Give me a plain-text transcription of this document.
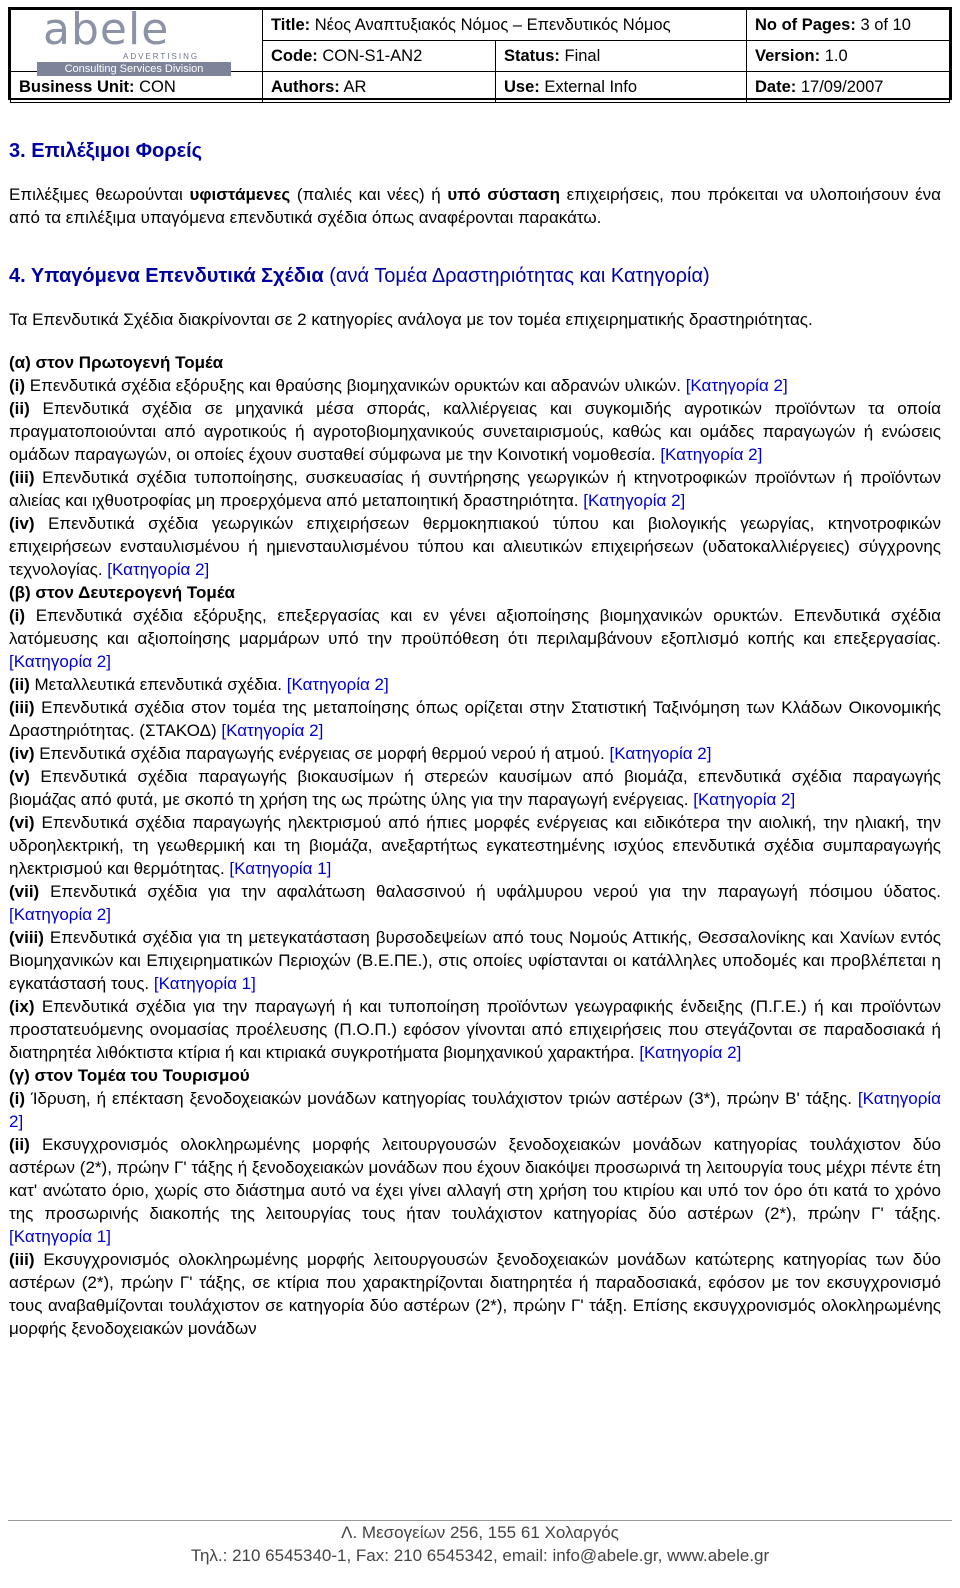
abele
ADVERTISING
Consulting Services Division	Title: Νέος Αναπτυξιακός Νόμος – Επενδυτικός Νόμος		No of Pages: 3 of 10
	Code: CON-S1-AN2	Status: Final	Version: 1.0
Business Unit: CON	Authors: AR	Use: External Info	Date: 17/09/2007
3. Επιλέξιμοι Φορείς

Επιλέξιμες θεωρούνται υφιστάμενες (παλιές και νέες) ή υπό σύσταση επιχειρήσεις, που πρόκειται να υλοποιήσουν ένα από τα επιλέξιμα υπαγόμενα επενδυτικά σχέδια όπως αναφέρονται παρακάτω.

4. Υπαγόμενα Επενδυτικά Σχέδια (ανά Τομέα Δραστηριότητας και Κατηγορία)

Τα Επενδυτικά Σχέδια διακρίνονται σε 2 κατηγορίες ανάλογα με τον τομέα επιχειρηματικής δραστηριότητας.

(α) στον Πρωτογενή Τομέα

(i) Επενδυτικά σχέδια εξόρυξης και θραύσης βιομηχανικών ορυκτών και αδρανών υλικών. [Κατηγορία 2]

(ii) Επενδυτικά σχέδια σε μηχανικά μέσα σποράς, καλλιέργειας και συγκομιδής αγροτικών προϊόντων τα οποία πραγματοποιούνται από αγροτικούς ή αγροτοβιομηχανικούς συνεταιρισμούς, καθώς και ομάδες παραγωγών ή ενώσεις ομάδων παραγωγών, οι οποίες έχουν συσταθεί σύμφωνα με την Κοινοτική νομοθεσία. [Κατηγορία 2]

(iii) Επενδυτικά σχέδια τυποποίησης, συσκευασίας ή συντήρησης γεωργικών ή κτηνοτροφικών προϊόντων ή προϊόντων αλιείας και ιχθυοτροφίας μη προερχόμενα από μεταποιητική δραστηριότητα. [Κατηγορία 2]

(iv) Επενδυτικά σχέδια γεωργικών επιχειρήσεων θερμοκηπιακού τύπου και βιολογικής γεωργίας, κτηνοτροφικών επιχειρήσεων ενσταυλισμένου ή ημιενσταυλισμένου τύπου και αλιευτικών επιχειρήσεων (υδατοκαλλιέργειες) σύγχρονης τεχνολογίας. [Κατηγορία 2]

(β) στον Δευτερογενή Τομέα

(i) Επενδυτικά σχέδια εξόρυξης, επεξεργασίας και εν γένει αξιοποίησης βιομηχανικών ορυκτών. Επενδυτικά σχέδια λατόμευσης και αξιοποίησης μαρμάρων υπό την προϋπόθεση ότι περιλαμβάνουν εξοπλισμό κοπής και επεξεργασίας. [Κατηγορία 2]

(ii) Μεταλλευτικά επενδυτικά σχέδια. [Κατηγορία 2]

(iii) Επενδυτικά σχέδια στον τομέα της μεταποίησης όπως ορίζεται στην Στατιστική Ταξινόμηση των Κλάδων Οικονομικής Δραστηριότητας. (ΣΤΑΚΟΔ) [Κατηγορία 2]

(iv) Επενδυτικά σχέδια παραγωγής ενέργειας σε μορφή θερμού νερού ή ατμού. [Κατηγορία 2]

(v) Επενδυτικά σχέδια παραγωγής βιοκαυσίμων ή στερεών καυσίμων από βιομάζα, επενδυτικά σχέδια παραγωγής βιομάζας από φυτά, με σκοπό τη χρήση της ως πρώτης ύλης για την παραγωγή ενέργειας. [Κατηγορία 2]

(vi) Επενδυτικά σχέδια παραγωγής ηλεκτρισμού από ήπιες μορφές ενέργειας και ειδικότερα την αιολική, την ηλιακή, την υδροηλεκτρική, τη γεωθερμική και τη βιομάζα, ανεξαρτήτως εγκατεστημένης ισχύος επενδυτικά σχέδια συμπαραγωγής ηλεκτρισμού και θερμότητας. [Κατηγορία 1]

(vii) Επενδυτικά σχέδια για την αφαλάτωση θαλασσινού ή υφάλμυρου νερού για την παραγωγή πόσιμου ύδατος. [Κατηγορία 2]

(viii) Επενδυτικά σχέδια για τη μετεγκατάσταση βυρσοδεψείων από τους Νομούς Αττικής, Θεσσαλονίκης και Χανίων εντός Βιομηχανικών και Επιχειρηματικών Περιοχών (Β.Ε.ΠΕ.), στις οποίες υφίστανται οι κατάλληλες υποδομές και προβλέπεται η εγκατάστασή τους. [Κατηγορία 1]

(ix) Επενδυτικά σχέδια για την παραγωγή ή και τυποποίηση προϊόντων γεωγραφικής ένδειξης (Π.Γ.Ε.) ή και προϊόντων προστατευόμενης ονομασίας προέλευσης (Π.Ο.Π.) εφόσον γίνονται από επιχειρήσεις που στεγάζονται σε παραδοσιακά ή διατηρητέα λιθόκτιστα κτίρια ή και κτιριακά συγκροτήματα βιομηχανικού χαρακτήρα. [Κατηγορία 2]

(γ) στον Τομέα του Τουρισμού

(i) Ίδρυση, ή επέκταση ξενοδοχειακών μονάδων κατηγορίας τουλάχιστον τριών αστέρων (3*), πρώην Β' τάξης. [Κατηγορία 2]

(ii) Εκσυγχρονισμός ολοκληρωμένης μορφής λειτουργουσών ξενοδοχειακών μονάδων κατηγορίας τουλάχιστον δύο αστέρων (2*), πρώην Γ' τάξης ή ξενοδοχειακών μονάδων που έχουν διακόψει προσωρινά τη λειτουργία τους μέχρι πέντε έτη κατ' ανώτατο όριο, χωρίς στο διάστημα αυτό να έχει γίνει αλλαγή στη χρήση του κτιρίου και υπό τον όρο ότι κατά το χρόνο της προσωρινής διακοπής της λειτουργίας τους ήταν τουλάχιστον κατηγορίας δύο αστέρων (2*), πρώην Γ' τάξης. [Κατηγορία 1]

(iii) Εκσυγχρονισμός ολοκληρωμένης μορφής λειτουργουσών ξενοδοχειακών μονάδων κατώτερης κατηγορίας των δύο αστέρων (2*), πρώην Γ' τάξης, σε κτίρια που χαρακτηρίζονται διατηρητέα ή παραδοσιακά, εφόσον με τον εκσυγχρονισμό τους αναβαθμίζονται τουλάχιστον σε κατηγορία δύο αστέρων (2*), πρώην Γ' τάξη. Επίσης εκσυγχρονισμός ολοκληρωμένης μορφής ξενοδοχειακών μονάδων

Λ. Μεσογείων 256, 155 61 Χολαργός
Τηλ.: 210 6545340-1, Fax: 210 6545342, email: info@abele.gr, www.abele.gr
